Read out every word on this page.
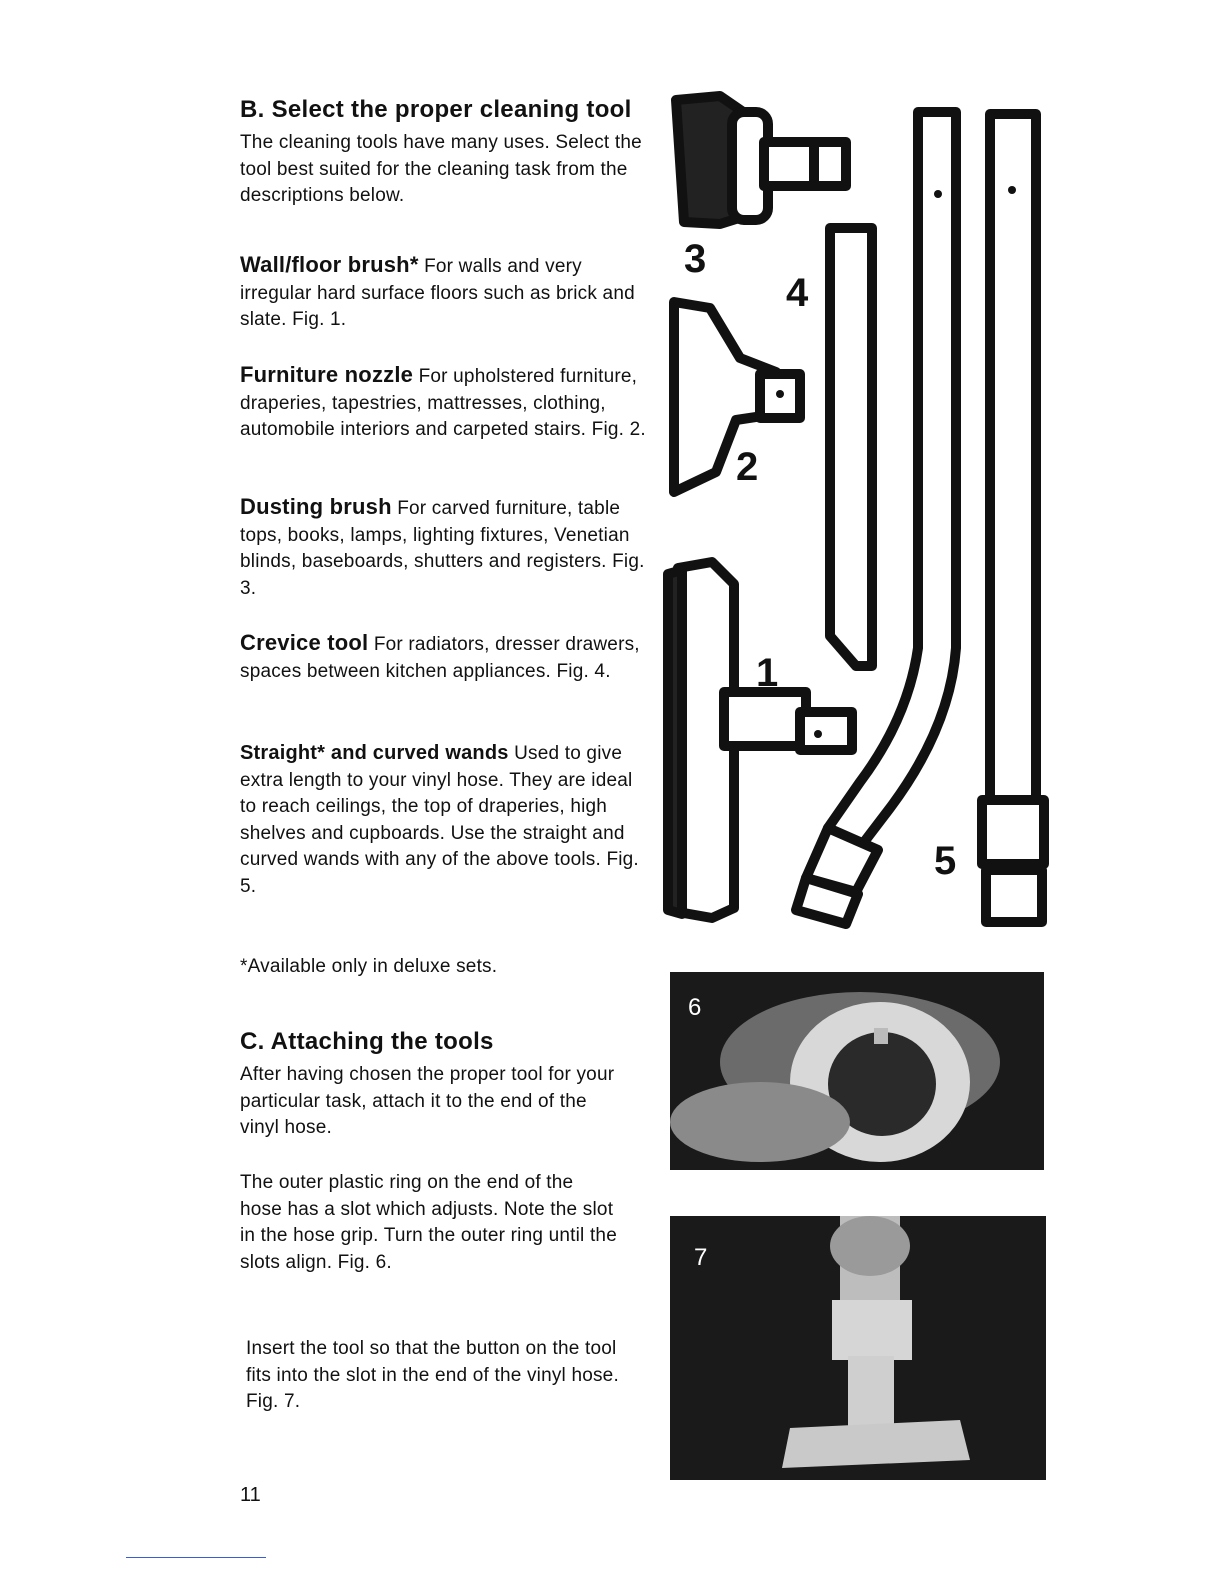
B. Select the proper cleaning tool
The cleaning tools have many uses. Select the tool best suited for the cleaning task from the descriptions below.
Wall/floor brush* For walls and very irregular hard surface floors such as brick and slate. Fig. 1.
Furniture nozzle For upholstered furniture, draperies, tapestries, mattresses, clothing, automobile interiors and carpeted stairs. Fig. 2.
Dusting brush For carved furniture, table tops, books, lamps, lighting fixtures, Venetian blinds, baseboards, shutters and registers. Fig. 3.
Crevice tool For radiators, dresser drawers, spaces between kitchen appliances. Fig. 4.
Straight* and curved wands Used to give extra length to your vinyl hose. They are ideal to reach ceilings, the top of draperies, high shelves and cupboards. Use the straight and curved wands with any of the above tools. Fig. 5.
*Available only in deluxe sets.
C. Attaching the tools
After having chosen the proper tool for your particular task, attach it to the end of the vinyl hose.
The outer plastic ring on the end of the hose has a slot which adjusts. Note the slot in the hose grip. Turn the outer ring until the slots align. Fig. 6.
Insert the tool so that the button on the tool fits into the slot in the end of the vinyl hose. Fig. 7.
11
3
4
2
1
5
6
7
